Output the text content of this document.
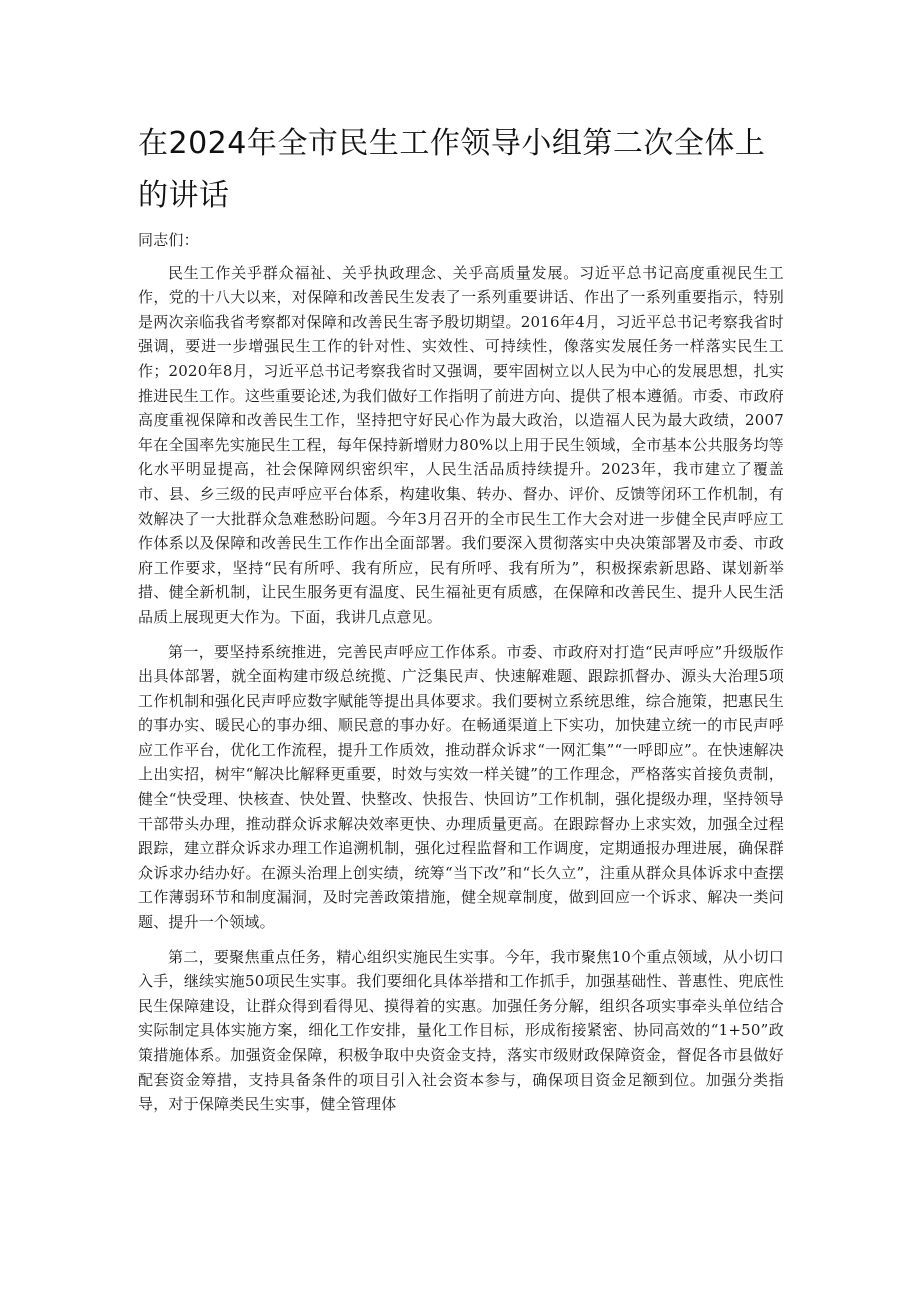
在2024年全市民生工作领导小组第二次全体上的讲话

同志们：

民生工作关乎群众福祉、关乎执政理念、关乎高质量发展。习近平总书记高度重视民生工作，党的十八大以来，对保障和改善民生发表了一系列重要讲话、作出了一系列重要指示，特别是两次亲临我省考察都对保障和改善民生寄予殷切期望。2016年4月，习近平总书记考察我省时强调，要进一步增强民生工作的针对性、实效性、可持续性，像落实发展任务一样落实民生工作；2020年8月，习近平总书记考察我省时又强调，要牢固树立以人民为中心的发展思想，扎实推进民生工作。这些重要论述,为我们做好工作指明了前进方向、提供了根本遵循。市委、市政府高度重视保障和改善民生工作，坚持把守好民心作为最大政治，以造福人民为最大政绩，2007年在全国率先实施民生工程，每年保持新增财力80%以上用于民生领域，全市基本公共服务均等化水平明显提高，社会保障网织密织牢，人民生活品质持续提升。2023年，我市建立了覆盖市、县、乡三级的民声呼应平台体系，构建收集、转办、督办、评价、反馈等闭环工作机制，有效解决了一大批群众急难愁盼问题。今年3月召开的全市民生工作大会对进一步健全民声呼应工作体系以及保障和改善民生工作作出全面部署。我们要深入贯彻落实中央决策部署及市委、市政府工作要求，坚持“民有所呼、我有所应，民有所呼、我有所为”，积极探索新思路、谋划新举措、健全新机制，让民生服务更有温度、民生福祉更有质感，在保障和改善民生、提升人民生活品质上展现更大作为。下面，我讲几点意见。

第一，要坚持系统推进，完善民声呼应工作体系。市委、市政府对打造“民声呼应”升级版作出具体部署，就全面构建市级总统揽、广泛集民声、快速解难题、跟踪抓督办、源头大治理5项工作机制和强化民声呼应数字赋能等提出具体要求。我们要树立系统思维，综合施策，把惠民生的事办实、暖民心的事办细、顺民意的事办好。在畅通渠道上下实功，加快建立统一的市民声呼应工作平台，优化工作流程，提升工作质效，推动群众诉求“一网汇集”“一呼即应”。在快速解决上出实招，树牢“解决比解释更重要，时效与实效一样关键”的工作理念，严格落实首接负责制，健全“快受理、快核查、快处置、快整改、快报告、快回访”工作机制，强化提级办理，坚持领导干部带头办理，推动群众诉求解决效率更快、办理质量更高。在跟踪督办上求实效，加强全过程跟踪，建立群众诉求办理工作追溯机制，强化过程监督和工作调度，定期通报办理进展，确保群众诉求办结办好。在源头治理上创实绩，统筹“当下改”和“长久立”，注重从群众具体诉求中查摆工作薄弱环节和制度漏洞，及时完善政策措施，健全规章制度，做到回应一个诉求、解决一类问题、提升一个领域。

第二，要聚焦重点任务，精心组织实施民生实事。今年，我市聚焦10个重点领域，从小切口入手，继续实施50项民生实事。我们要细化具体举措和工作抓手，加强基础性、普惠性、兜底性民生保障建设，让群众得到看得见、摸得着的实惠。加强任务分解，组织各项实事牵头单位结合实际制定具体实施方案，细化工作安排，量化工作目标，形成衔接紧密、协同高效的“1+50”政策措施体系。加强资金保障，积极争取中央资金支持，落实市级财政保障资金，督促各市县做好配套资金筹措，支持具备条件的项目引入社会资本参与，确保项目资金足额到位。加强分类指导，对于保障类民生实事，健全管理体
